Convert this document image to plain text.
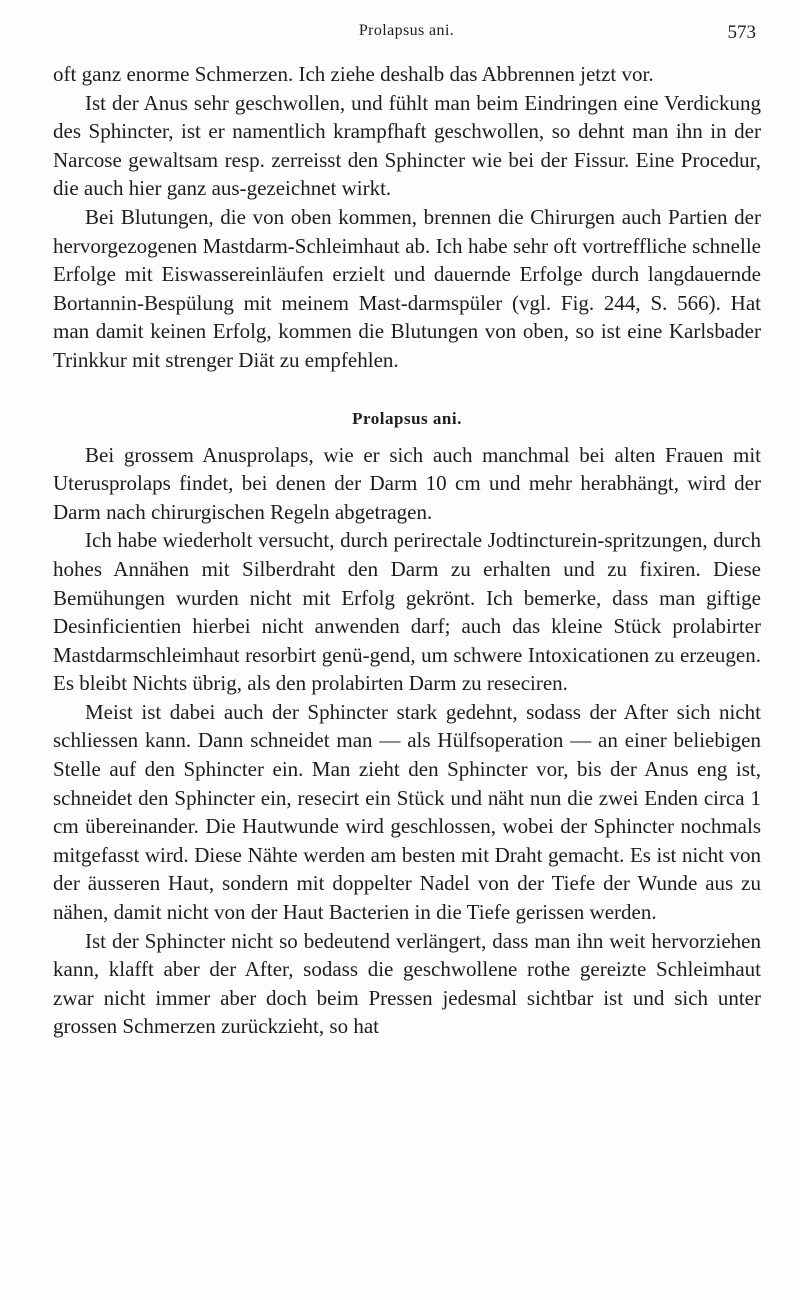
Prolapsus ani.	573

oft ganz enorme Schmerzen. Ich ziehe deshalb das Abbrennen jetzt vor.

Ist der Anus sehr geschwollen, und fühlt man beim Eindringen eine Verdickung des Sphincter, ist er namentlich krampfhaft geschwollen, so dehnt man ihn in der Narcose gewaltsam resp. zerreisst den Sphincter wie bei der Fissur. Eine Procedur, die auch hier ganz aus-gezeichnet wirkt.

Bei Blutungen, die von oben kommen, brennen die Chirurgen auch Partien der hervorgezogenen Mastdarm-Schleimhaut ab. Ich habe sehr oft vortreffliche schnelle Erfolge mit Eiswassereinläufen erzielt und dauernde Erfolge durch langdauernde Bortannin-Bespülung mit meinem Mast-darmspüler (vgl. Fig. 244, S. 566). Hat man damit keinen Erfolg, kommen die Blutungen von oben, so ist eine Karlsbader Trinkkur mit strenger Diät zu empfehlen.

Prolapsus ani.

Bei grossem Anusprolaps, wie er sich auch manchmal bei alten Frauen mit Uterusprolaps findet, bei denen der Darm 10 cm und mehr herabhängt, wird der Darm nach chirurgischen Regeln abgetragen.

Ich habe wiederholt versucht, durch perirectale Jodtincturein-spritzungen, durch hohes Annähen mit Silberdraht den Darm zu erhalten und zu fixiren. Diese Bemühungen wurden nicht mit Erfolg gekrönt. Ich bemerke, dass man giftige Desinficientien hierbei nicht anwenden darf; auch das kleine Stück prolabirter Mastdarmschleimhaut resorbirt genü-gend, um schwere Intoxicationen zu erzeugen. Es bleibt Nichts übrig, als den prolabirten Darm zu reseciren.

Meist ist dabei auch der Sphincter stark gedehnt, sodass der After sich nicht schliessen kann. Dann schneidet man — als Hülfsoperation — an einer beliebigen Stelle auf den Sphincter ein. Man zieht den Sphincter vor, bis der Anus eng ist, schneidet den Sphincter ein, resecirt ein Stück und näht nun die zwei Enden circa 1 cm übereinander. Die Hautwunde wird geschlossen, wobei der Sphincter nochmals mitgefasst wird. Diese Nähte werden am besten mit Draht gemacht. Es ist nicht von der äusseren Haut, sondern mit doppelter Nadel von der Tiefe der Wunde aus zu nähen, damit nicht von der Haut Bacterien in die Tiefe gerissen werden.

Ist der Sphincter nicht so bedeutend verlängert, dass man ihn weit hervorziehen kann, klafft aber der After, sodass die geschwollene rothe gereizte Schleimhaut zwar nicht immer aber doch beim Pressen jedesmal sichtbar ist und sich unter grossen Schmerzen zurückzieht, so hat
